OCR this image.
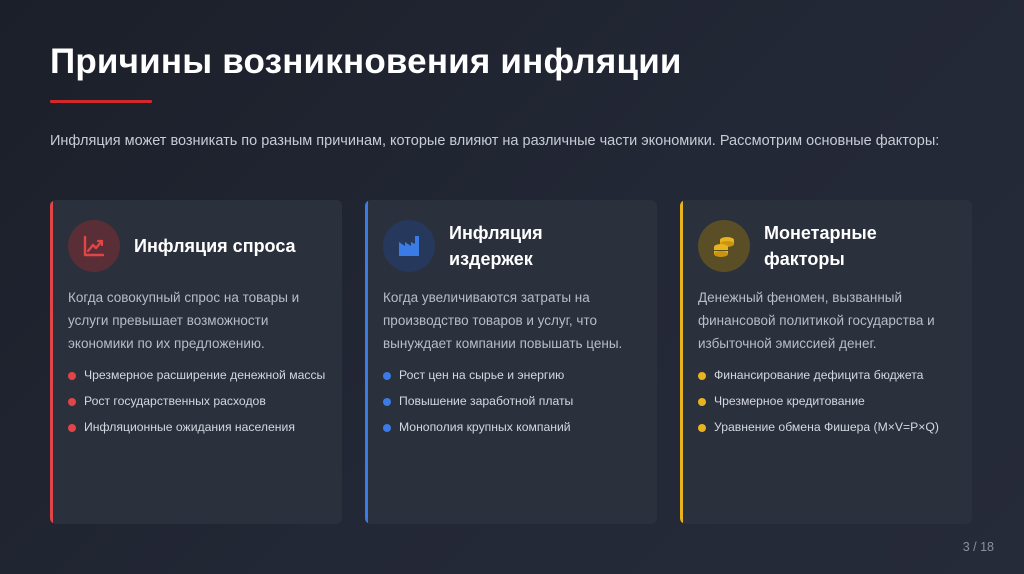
Причины возникновения инфляции

Инфляция может возникать по разным причинам, которые влияют на различные части экономики. Рассмотрим основные факторы:

Инфляция спроса

Когда совокупный спрос на товары и услуги превышает возможности экономики по их предложению.

Чрезмерное расширение денежной массы
Рост государственных расходов
Инфляционные ожидания населения
Инфляция издержек

Когда увеличиваются затраты на производство товаров и услуг, что вынуждает компании повышать цены.

Рост цен на сырье и энергию
Повышение заработной платы
Монополия крупных компаний
Монетарные факторы

Денежный феномен, вызванный финансовой политикой государства и избыточной эмиссией денег.

Финансирование дефицита бюджета
Чрезмерное кредитование
Уравнение обмена Фишера (M×V=P×Q)
3 / 18
